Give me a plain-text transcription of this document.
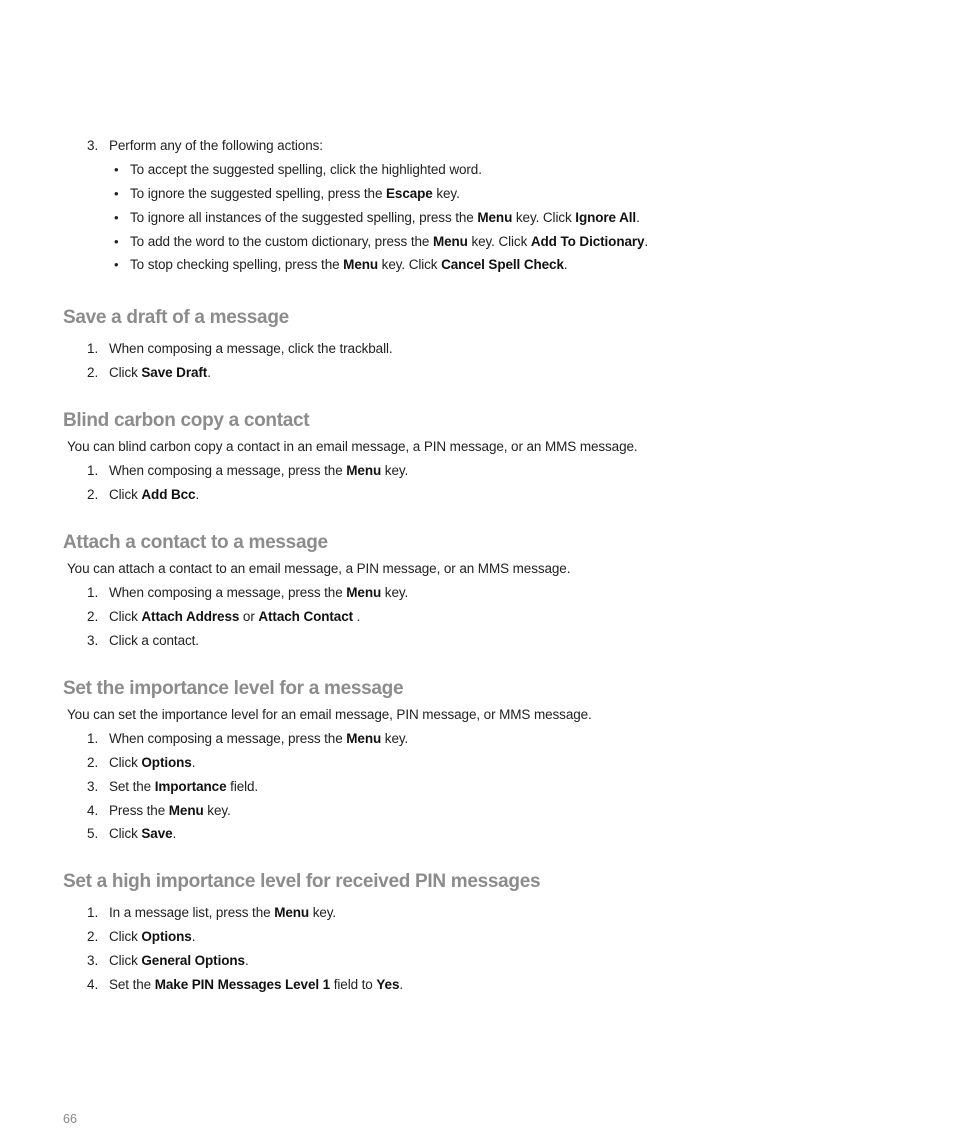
3. Perform any of the following actions:
• To accept the suggested spelling, click the highlighted word.
• To ignore the suggested spelling, press the Escape key.
• To ignore all instances of the suggested spelling, press the Menu key. Click Ignore All.
• To add the word to the custom dictionary, press the Menu key. Click Add To Dictionary.
• To stop checking spelling, press the Menu key. Click Cancel Spell Check.
Save a draft of a message
1. When composing a message, click the trackball.
2. Click Save Draft.
Blind carbon copy a contact
You can blind carbon copy a contact in an email message, a PIN message, or an MMS message.
1. When composing a message, press the Menu key.
2. Click Add Bcc.
Attach a contact to a message
You can attach a contact to an email message, a PIN message, or an MMS message.
1. When composing a message, press the Menu key.
2. Click Attach Address or Attach Contact .
3. Click a contact.
Set the importance level for a message
You can set the importance level for an email message, PIN message, or MMS message.
1. When composing a message, press the Menu key.
2. Click Options.
3. Set the Importance field.
4. Press the Menu key.
5. Click Save.
Set a high importance level for received PIN messages
1. In a message list, press the Menu key.
2. Click Options.
3. Click General Options.
4. Set the Make PIN Messages Level 1 field to Yes.
66
